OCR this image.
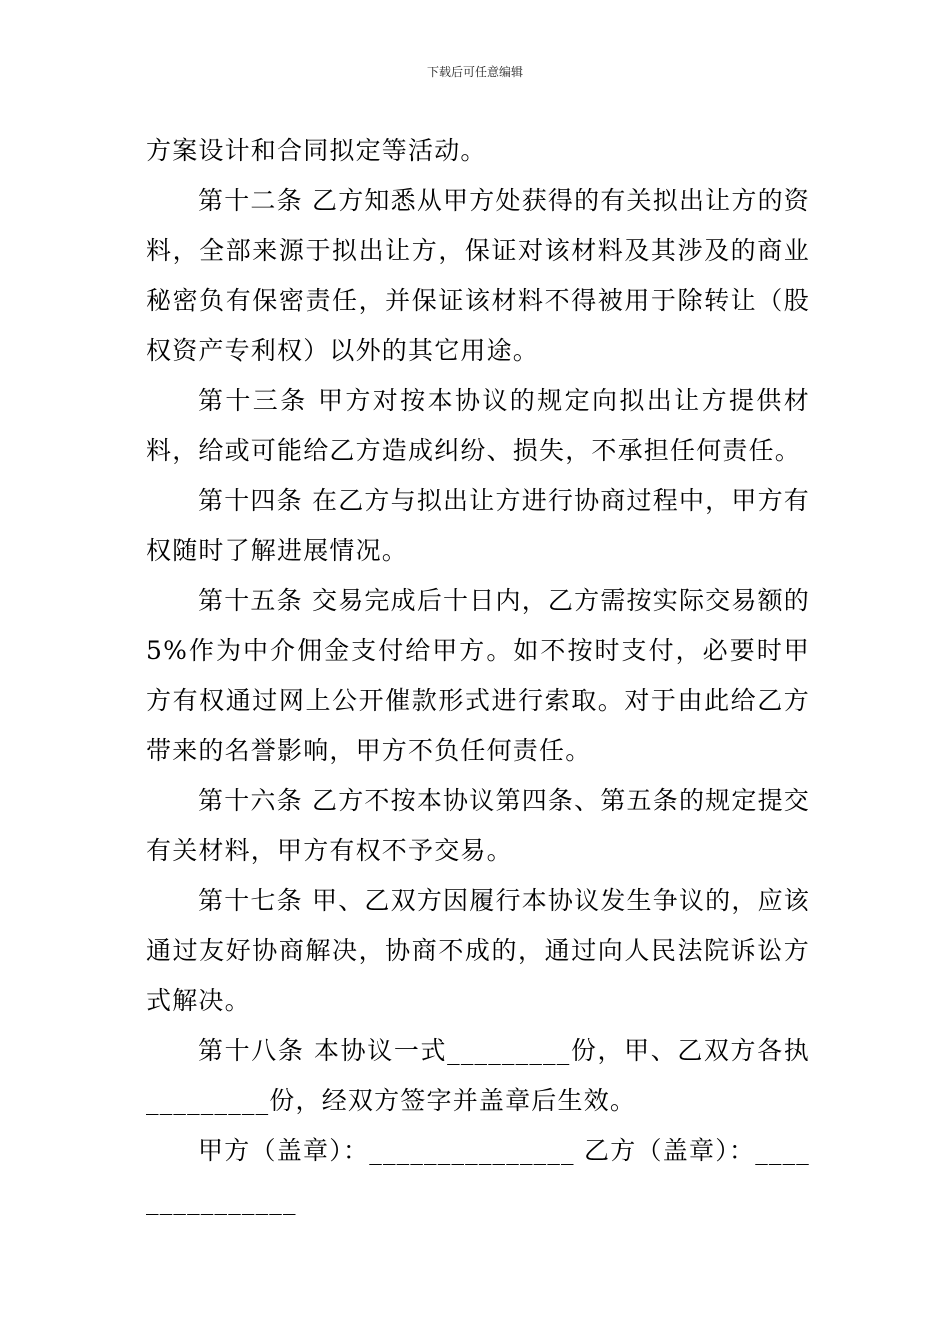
下载后可任意编辑

方案设计和合同拟定等活动。

第十二条 乙方知悉从甲方处获得的有关拟出让方的资料，全部来源于拟出让方，保证对该材料及其涉及的商业秘密负有保密责任，并保证该材料不得被用于除转让（股权资产专利权）以外的其它用途。

第十三条 甲方对按本协议的规定向拟出让方提供材料，给或可能给乙方造成纠纷、损失，不承担任何责任。

第十四条 在乙方与拟出让方进行协商过程中，甲方有权随时了解进展情况。

第十五条 交易完成后十日内，乙方需按实际交易额的5%作为中介佣金支付给甲方。如不按时支付，必要时甲方有权通过网上公开催款形式进行索取。对于由此给乙方带来的名誉影响，甲方不负任何责任。

第十六条 乙方不按本协议第四条、第五条的规定提交有关材料，甲方有权不予交易。

第十七条 甲、乙双方因履行本协议发生争议的，应该通过友好协商解决，协商不成的，通过向人民法院诉讼方式解决。

第十八条 本协议一式_________份，甲、乙双方各执_________份，经双方签字并盖章后生效。

甲方（盖章）：_______________ 乙方（盖章）：_______________
